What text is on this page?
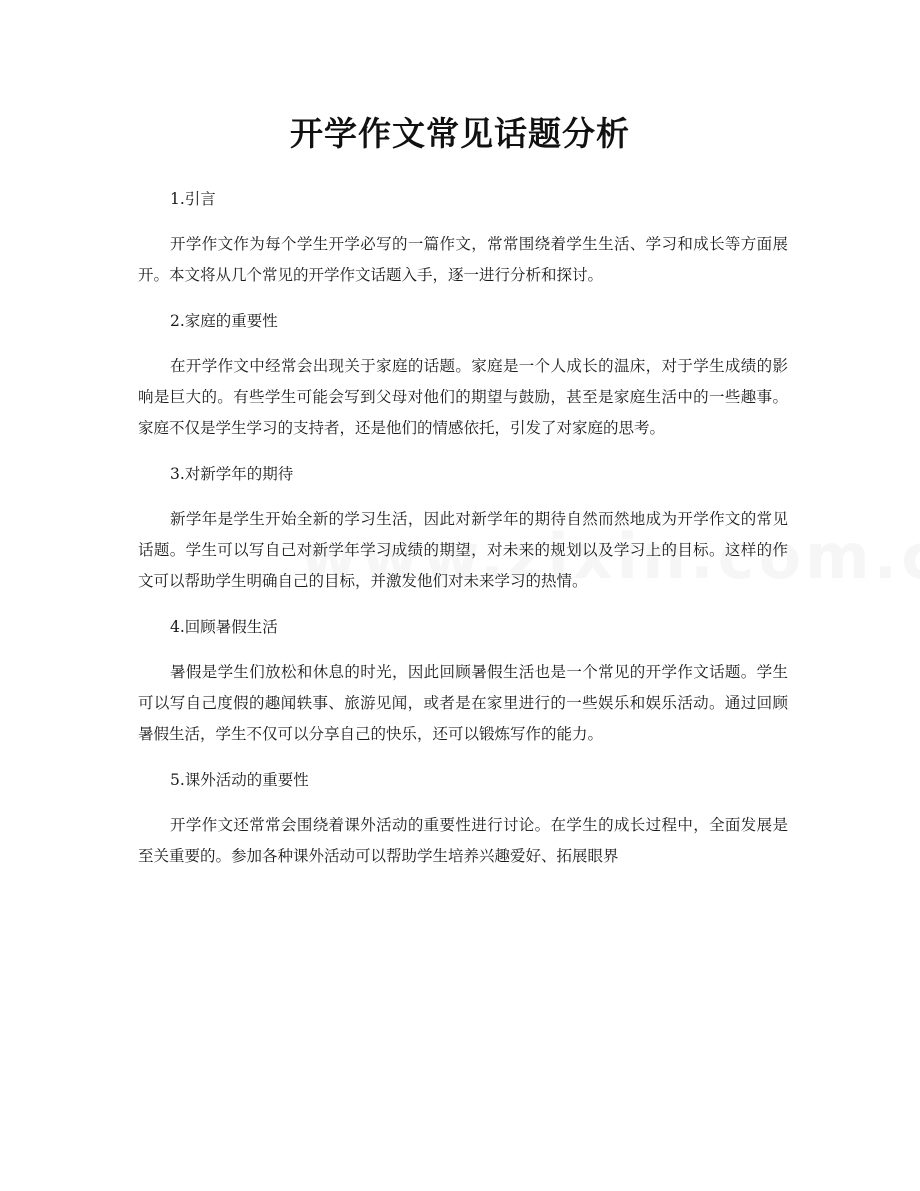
开学作文常见话题分析

1.引言

开学作文作为每个学生开学必写的一篇作文，常常围绕着学生生活、学习和成长等方面展开。本文将从几个常见的开学作文话题入手，逐一进行分析和探讨。

2.家庭的重要性

在开学作文中经常会出现关于家庭的话题。家庭是一个人成长的温床，对于学生成绩的影响是巨大的。有些学生可能会写到父母对他们的期望与鼓励，甚至是家庭生活中的一些趣事。家庭不仅是学生学习的支持者，还是他们的情感依托，引发了对家庭的思考。

3.对新学年的期待

新学年是学生开始全新的学习生活，因此对新学年的期待自然而然地成为开学作文的常见话题。学生可以写自己对新学年学习成绩的期望，对未来的规划以及学习上的目标。这样的作文可以帮助学生明确自己的目标，并激发他们对未来学习的热情。

4.回顾暑假生活

暑假是学生们放松和休息的时光，因此回顾暑假生活也是一个常见的开学作文话题。学生可以写自己度假的趣闻轶事、旅游见闻，或者是在家里进行的一些娱乐和娱乐活动。通过回顾暑假生活，学生不仅可以分享自己的快乐，还可以锻炼写作的能力。

5.课外活动的重要性

开学作文还常常会围绕着课外活动的重要性进行讨论。在学生的成长过程中，全面发展是至关重要的。参加各种课外活动可以帮助学生培养兴趣爱好、拓展眼界
